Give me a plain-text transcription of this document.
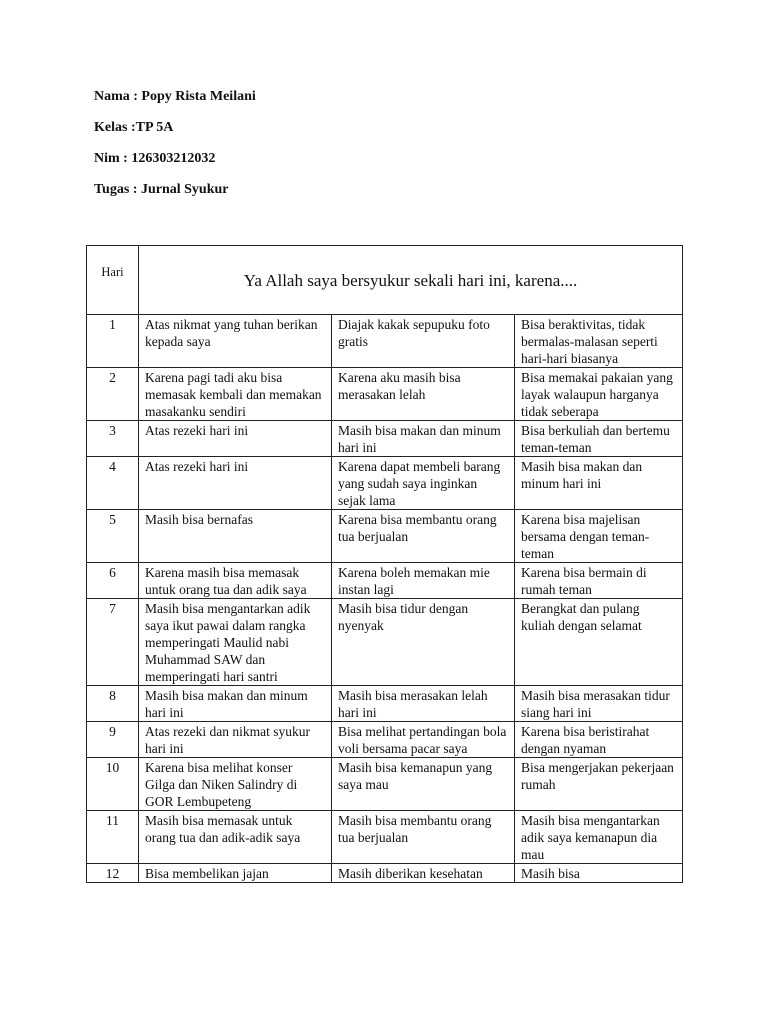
Nama : Popy Rista Meilani
Kelas :TP 5A
Nim : 126303212032
Tugas : Jurnal Syukur
Hari	Ya Allah saya bersyukur sekali hari ini, karena....		
1	Atas nikmat yang tuhan berikan kepada saya	Diajak kakak sepupuku foto gratis	Bisa beraktivitas, tidak bermalas-malasan seperti hari-hari biasanya
2	Karena pagi tadi aku bisa memasak kembali dan memakan masakanku sendiri	Karena aku masih bisa merasakan lelah	Bisa memakai pakaian yang layak walaupun harganya tidak seberapa
3	Atas rezeki hari ini	Masih bisa makan dan minum hari ini	Bisa berkuliah dan bertemu teman-teman
4	Atas rezeki hari ini	Karena dapat membeli barang yang sudah saya inginkan sejak lama	Masih bisa makan dan minum hari ini
5	Masih bisa bernafas	Karena bisa membantu orang tua berjualan	Karena bisa majelisan bersama dengan teman-teman
6	Karena masih bisa memasak untuk orang tua dan adik saya	Karena boleh memakan mie instan lagi	Karena bisa bermain di rumah teman
7	Masih bisa mengantarkan adik saya ikut pawai dalam rangka memperingati Maulid nabi Muhammad SAW dan memperingati hari santri	Masih bisa tidur dengan nyenyak	Berangkat dan pulang kuliah dengan selamat
8	Masih bisa makan dan minum hari ini	Masih bisa merasakan lelah hari ini	Masih bisa merasakan tidur siang hari ini
9	Atas rezeki dan nikmat syukur hari ini	Bisa melihat pertandingan bola voli bersama pacar saya	Karena bisa beristirahat dengan nyaman
10	Karena bisa melihat konser Gilga dan Niken Salindry di GOR Lembupeteng	Masih bisa kemanapun yang saya mau	Bisa mengerjakan pekerjaan rumah
11	Masih bisa memasak untuk orang tua dan adik-adik saya	Masih bisa membantu orang tua berjualan	Masih bisa mengantarkan adik saya kemanapun dia mau
12	Bisa membelikan jajan	Masih diberikan kesehatan	Masih bisa
